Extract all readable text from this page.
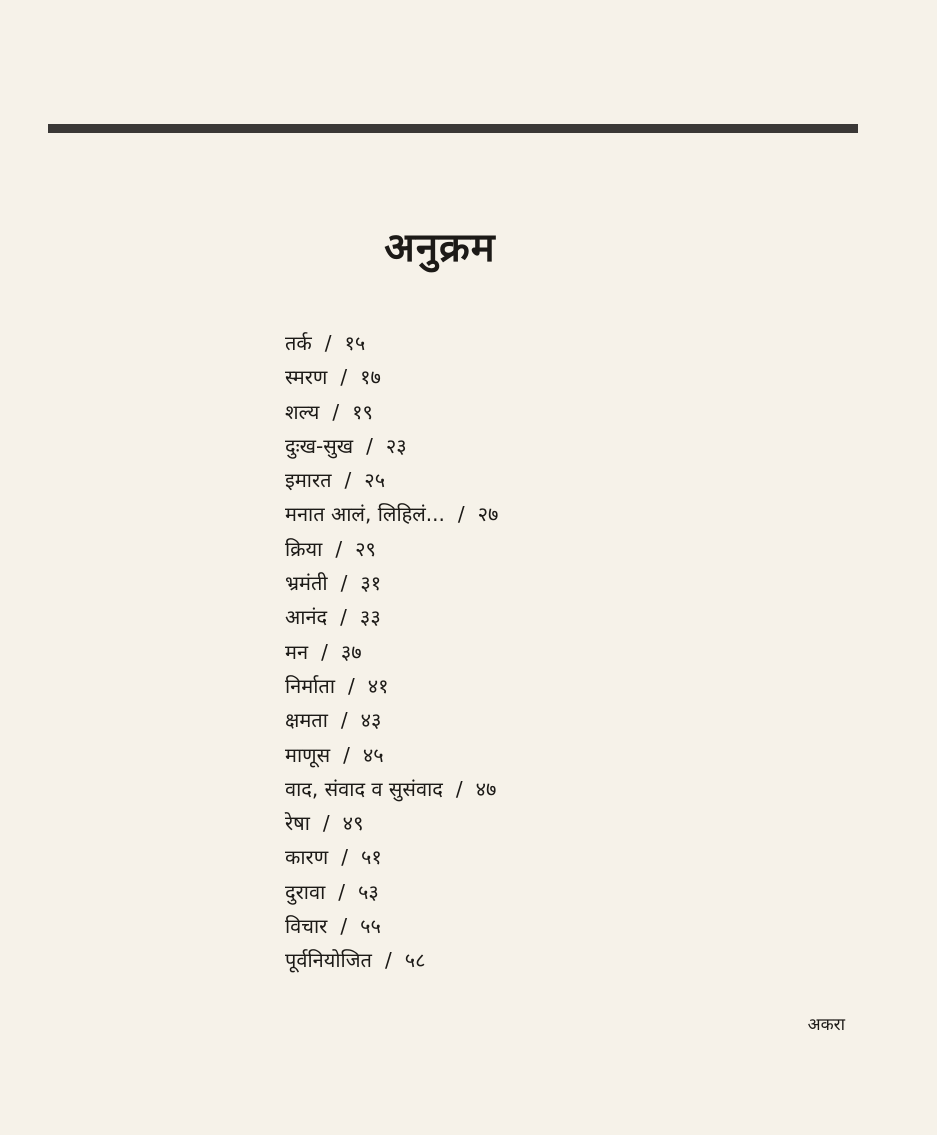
अनुक्रम
तर्क / १५
स्मरण / १७
शल्य / १९
दुःख-सुख / २३
इमारत / २५
मनात आलं, लिहिलं... / २७
क्रिया / २९
भ्रमंती / ३१
आनंद / ३३
मन / ३७
निर्माता / ४१
क्षमता / ४३
माणूस / ४५
वाद, संवाद व सुसंवाद / ४७
रेषा / ४९
कारण / ५१
दुरावा / ५३
विचार / ५५
पूर्वनियोजित / ५८
अकरा
